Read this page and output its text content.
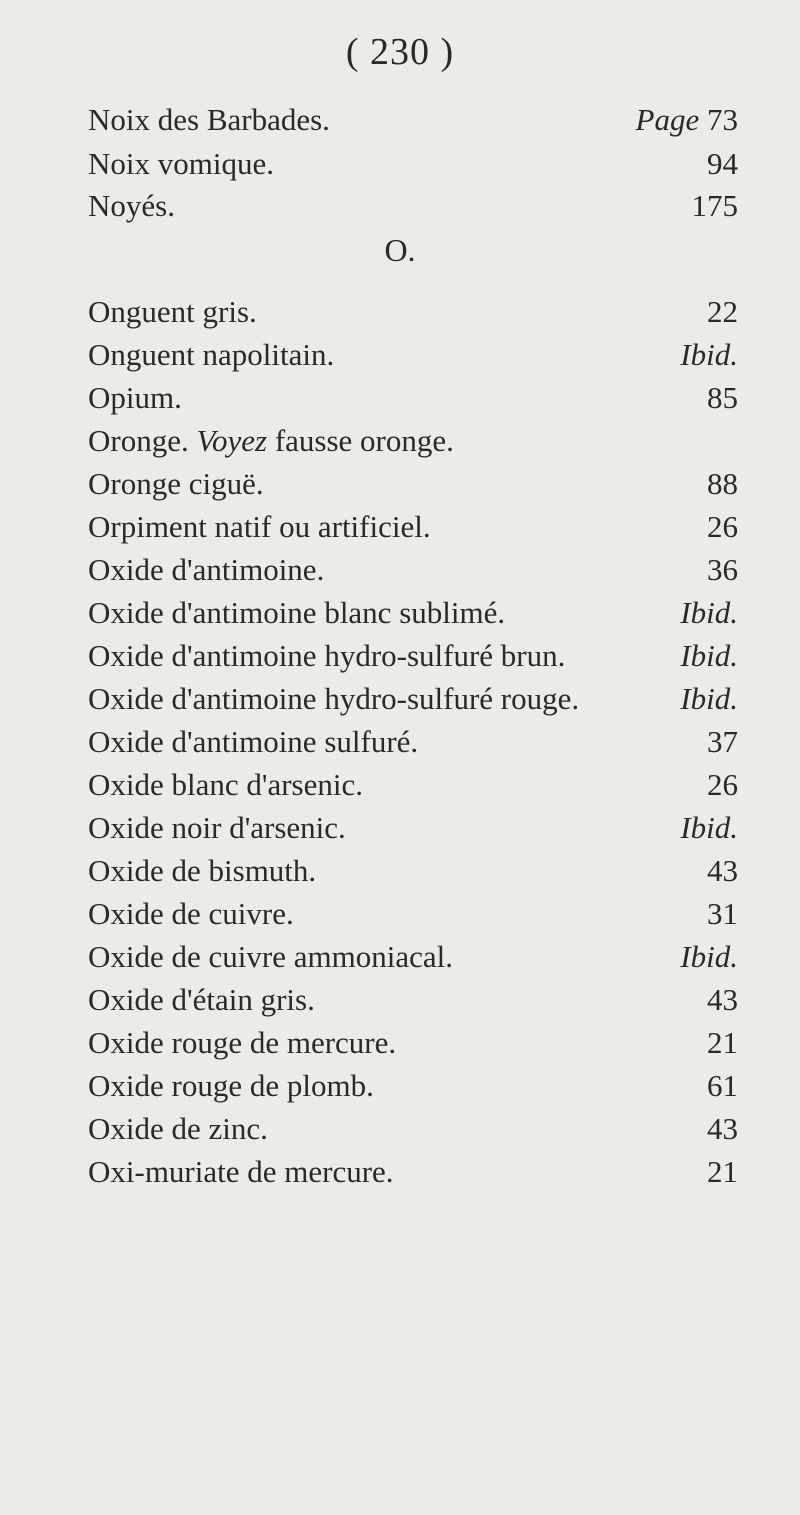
( 230 )
Noix des Barbades.	Page 73
Noix vomique.	94
Noyés.	175
O.
Onguent gris.	22
Onguent napolitain.	Ibid.
Opium.	85
Oronge. Voyez fausse oronge.
Oronge ciguë.	88
Orpiment natif ou artificiel.	26
Oxide d'antimoine.	36
Oxide d'antimoine blanc sublimé.	Ibid.
Oxide d'antimoine hydro-sulfuré brun.	Ibid.
Oxide d'antimoine hydro-sulfuré rouge.	Ibid.
Oxide d'antimoine sulfuré.	37
Oxide blanc d'arsenic.	26
Oxide noir d'arsenic.	Ibid.
Oxide de bismuth.	43
Oxide de cuivre.	31
Oxide de cuivre ammoniacal.	Ibid.
Oxide d'étain gris.	43
Oxide rouge de mercure.	21
Oxide rouge de plomb.	61
Oxide de zinc.	43
Oxi-muriate de mercure.	21
